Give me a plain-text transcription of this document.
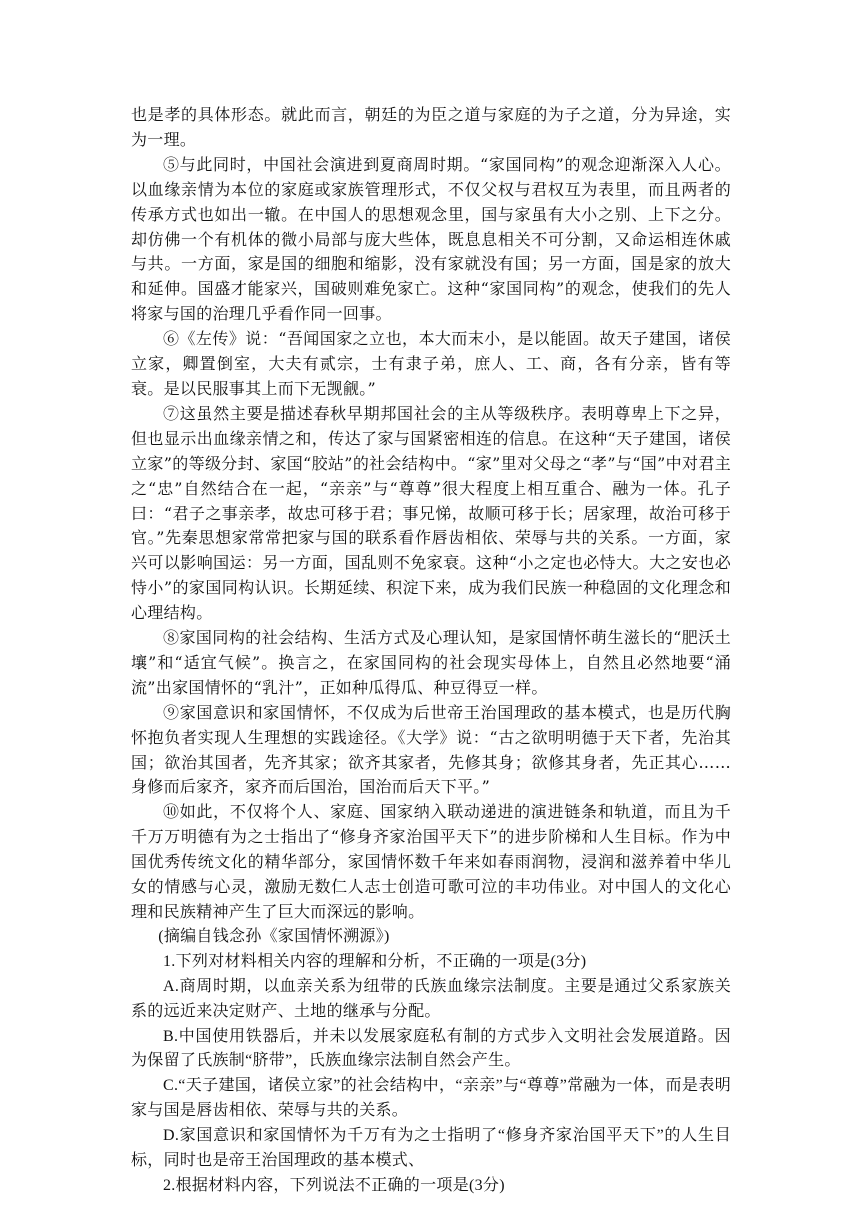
也是孝的具体形态。就此而言，朝廷的为臣之道与家庭的为子之道，分为异途，实为一理。

⑤与此同时，中国社会演进到夏商周时期。“家国同构”的观念迎渐深入人心。以血缘亲情为本位的家庭或家族管理形式，不仅父权与君权互为表里，而且两者的传承方式也如出一辙。在中国人的思想观念里，国与家虽有大小之别、上下之分。却仿佛一个有机体的微小局部与庞大些体，既息息相关不可分割，又命运相连休戚与共。一方面，家是国的细胞和缩影，没有家就没有国；另一方面，国是家的放大和延伸。国盛才能家兴，国破则难免家亡。这种“家国同构”的观念，使我们的先人将家与国的治理几乎看作同一回事。

⑥《左传》说：“吾闻国家之立也，本大而末小，是以能固。故天子建国，诸侯立家，卿置倒室，大夫有贰宗，士有隶子弟，庶人、工、商，各有分亲，皆有等衰。是以民服事其上而下无觊觎。”

⑦这虽然主要是描述春秋早期邦国社会的主从等级秩序。表明尊卑上下之异，但也显示出血缘亲情之和，传达了家与国紧密相连的信息。在这种“天子建国，诸侯立家”的等级分封、家国“胶站”的社会结构中。“家”里对父母之“孝”与“国”中对君主之“忠”自然结合在一起，“亲亲”与“尊尊”很大程度上相互重合、融为一体。孔子曰：“君子之事亲孝，故忠可移于君；事兄悌，故顺可移于长；居家理，故治可移于官。”先秦思想家常常把家与国的联系看作唇齿相依、荣辱与共的关系。一方面，家兴可以影响国运：另一方面，国乱则不免家衰。这种“小之定也必恃大。大之安也必恃小”的家国同构认识。长期延续、积淀下来，成为我们民族一种稳固的文化理念和心理结构。

⑧家国同构的社会结构、生活方式及心理认知，是家国情怀萌生滋长的“肥沃土壤”和“适宜气候”。换言之，在家国同构的社会现实母体上，自然且必然地要“涌流”出家国情怀的“乳汁”，正如种瓜得瓜、种豆得豆一样。

⑨家国意识和家国情怀，不仅成为后世帝王治国理政的基本模式，也是历代胸怀抱负者实现人生理想的实践途径。《大学》说：“古之欲明明德于天下者，先治其国；欲治其国者，先齐其家；欲齐其家者，先修其身；欲修其身者，先正其心……身修而后家齐，家齐而后国治，国治而后天下平。”

⑩如此，不仅将个人、家庭、国家纳入联动递进的演进链条和轨道，而且为千千万万明德有为之士指出了“修身齐家治国平天下”的进步阶梯和人生目标。作为中国优秀传统文化的精华部分，家国情怀数千年来如春雨润物，浸润和滋养着中华儿女的情感与心灵，激励无数仁人志士创造可歌可泣的丰功伟业。对中国人的文化心理和民族精神产生了巨大而深远的影响。

(摘编自钱念孙《家国情怀溯源》)

1.下列对材料相关内容的理解和分析，不正确的一项是(3分)

A.商周时期，以血亲关系为纽带的氏族血缘宗法制度。主要是通过父系家族关系的远近来决定财产、土地的继承与分配。

B.中国使用铁器后，并未以发展家庭私有制的方式步入文明社会发展道路。因为保留了氏族制“脐带”，氏族血缘宗法制自然会产生。

C.“天子建国，诸侯立家”的社会结构中，“亲亲”与“尊尊”常融为一体，而是表明家与国是唇齿相依、荣辱与共的关系。

D.家国意识和家国情怀为千万有为之士指明了“修身齐家治国平天下”的人生目标，同时也是帝王治国理政的基本模式、

2.根据材料内容，下列说法不正确的一项是(3分)
